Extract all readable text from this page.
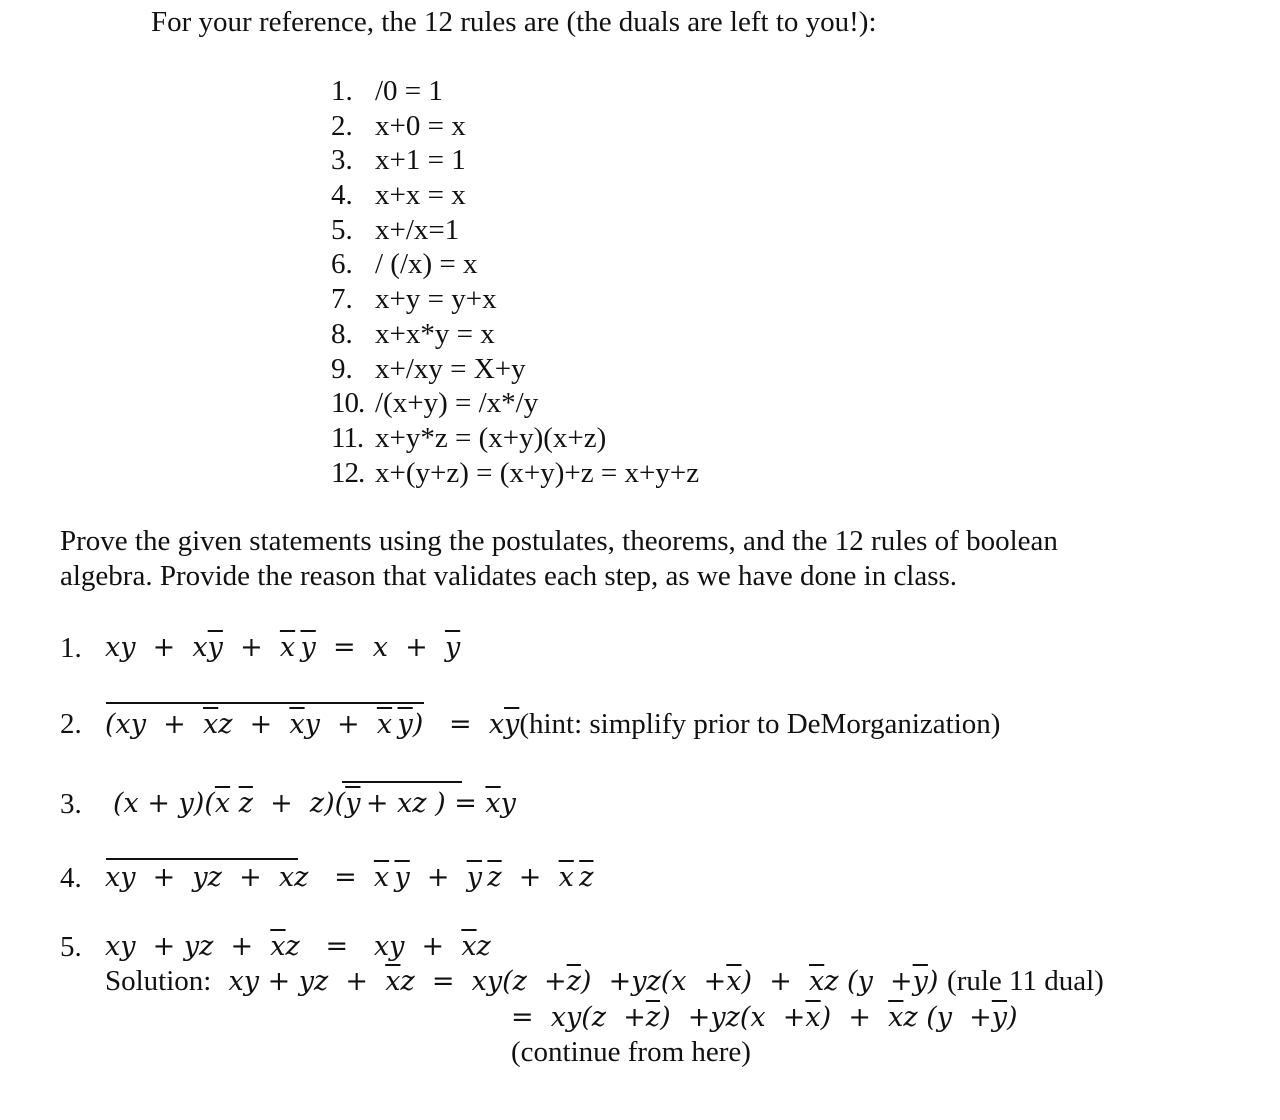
For your reference, the 12 rules are (the duals are left to you!):
1. /0 = 1
2. x+0 = x
3. x+1 = 1
4. x+x = x
5. x+/x=1
6. / (/x) = x
7. x+y = y+x
8. x+x*y = x
9. x+/xy = X+y
10. /(x+y) = /x*/y
11. x+y*z = (x+y)(x+z)
12. x+(y+z) = (x+y)+z = x+y+z
Prove the given statements using the postulates, theorems, and the 12 rules of boolean
algebra. Provide the reason that validates each step, as we have done in class.
1. xy  +  $x\overline{y} + \overline{x}$  $\overline{y} = x + \overline{y}$
2. ($xy + \overline{x}z + \overline{x}y + \overline{x}$  $\overline{y}$)   =  $x\overline{y}(hint$: simplify prior to DeMorganization)
3. $(x + y)(\overline{x}$ $\overline{z} + z)(\overline{y}$ + xz ) = $\overline{x}y$
4. xy  +  yz  +  xz   =  $\overline{x}$  $\overline{y} + \overline{y}$  $\overline{z} + \overline{x}$  $\overline{z}$
5. xy  + yz  +  $\overline{x}z$   =   xy  +  $\overline{x}z$
Solution:  xy + yz  +  $\overline{x}z = xy(z +\overline{z}) +yz(x +\overline{x}) + \overline{x}z$ $(y +\overline{y})$ (rule 11 dual)
=  $xy(z +\overline{z}) +yz(x +\overline{x}) + \overline{x}z$ $(y +\overline{y})$
(continue from here)
